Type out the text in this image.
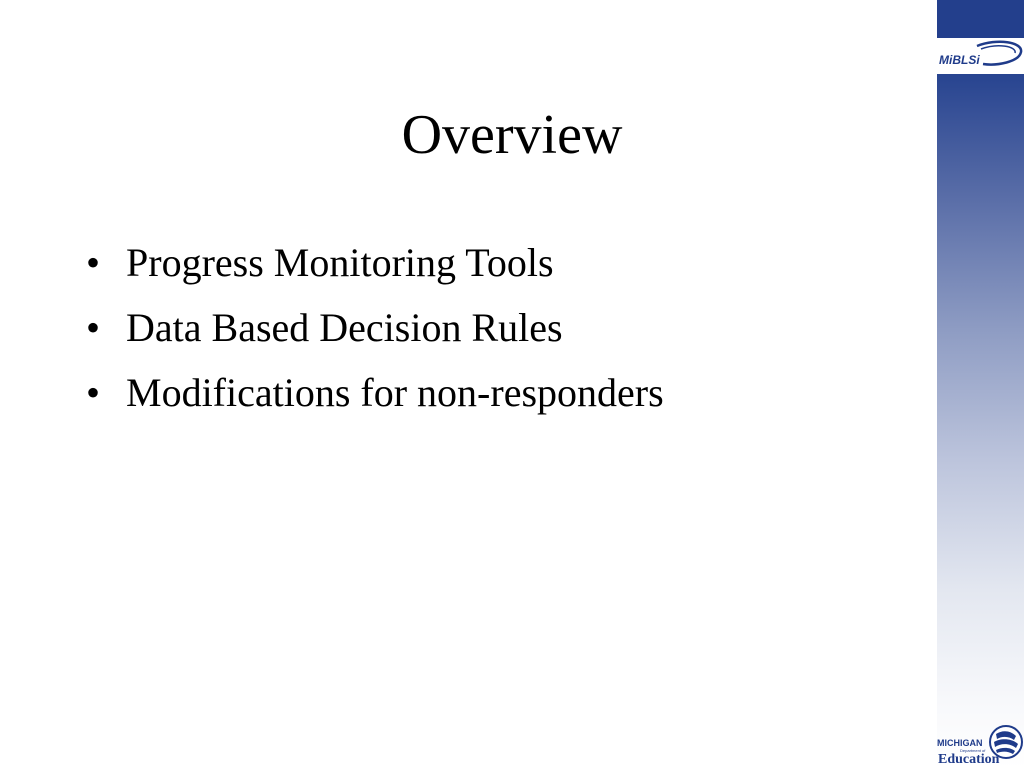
MiBLSi
Overview
• Progress Monitoring Tools
• Data Based Decision Rules
• Modifications for non-responders
MICHIGAN
Department of
Education
